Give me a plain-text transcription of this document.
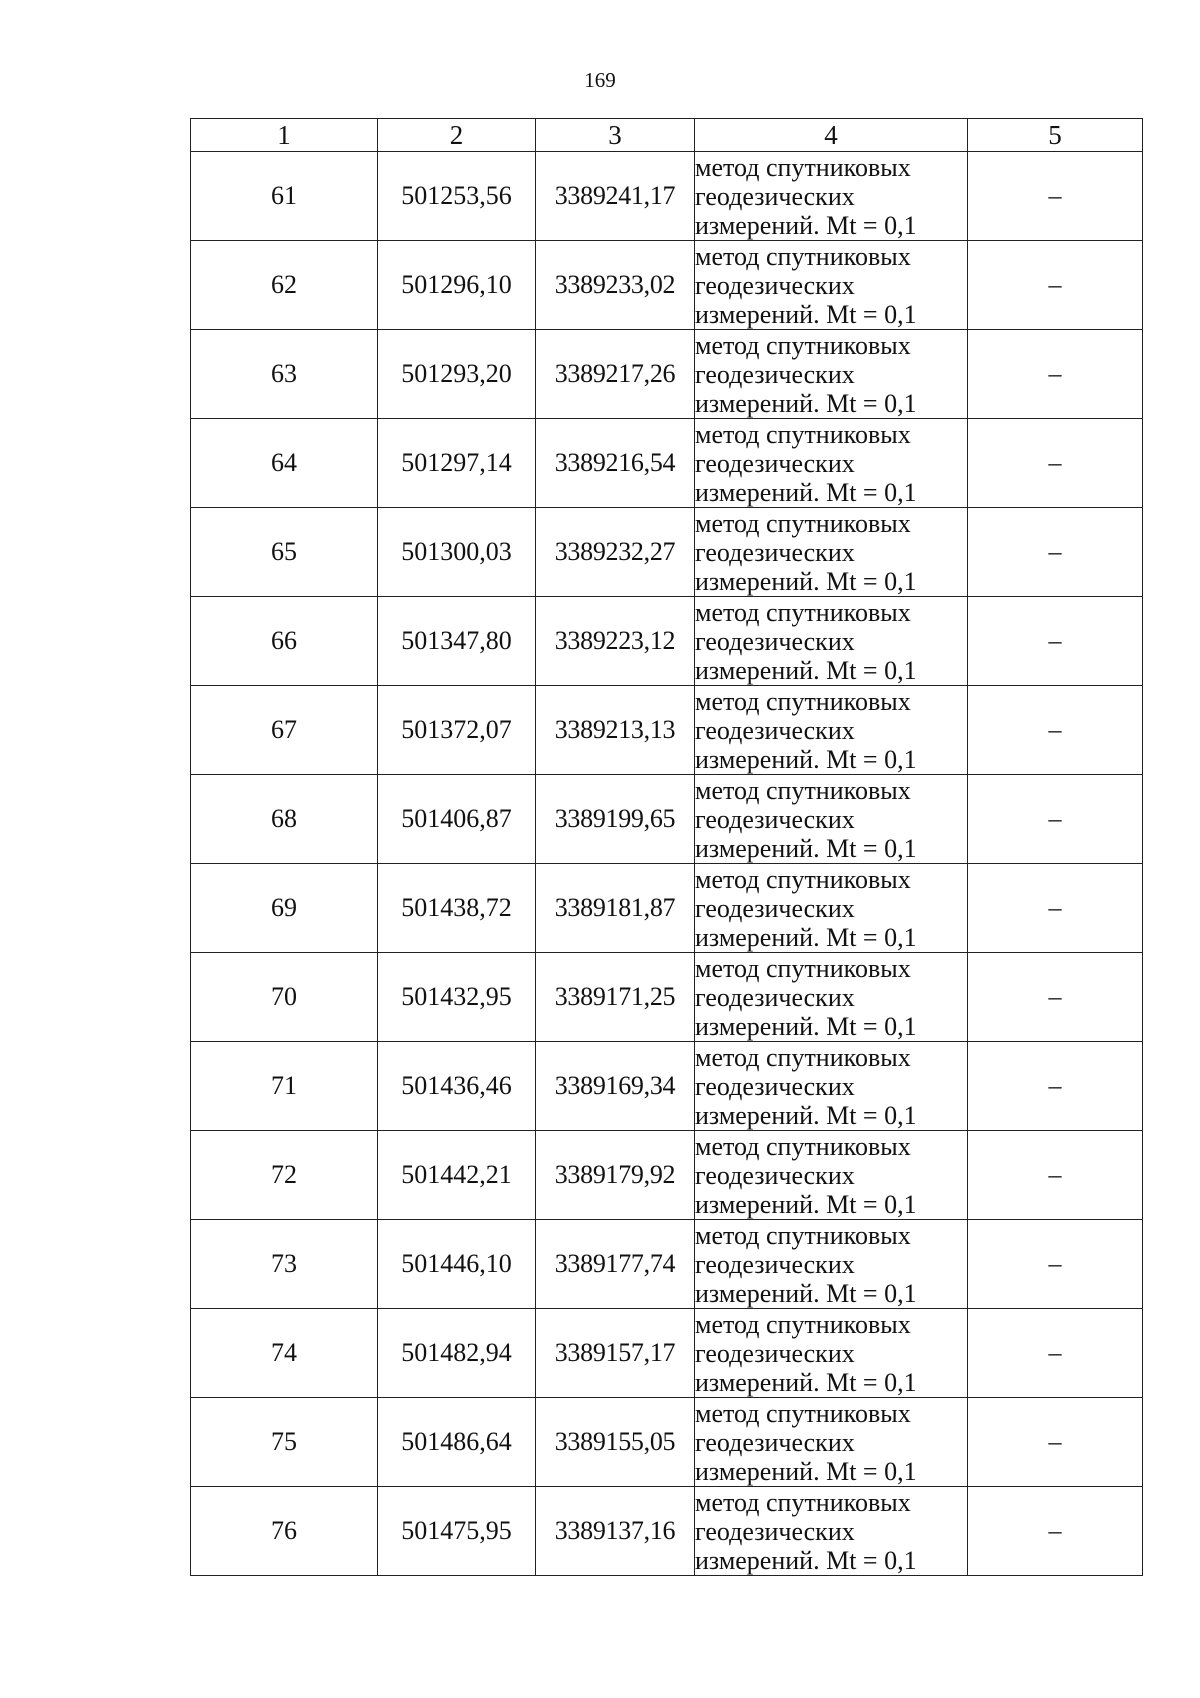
169
1	2	3	4	5
61	501253,56	3389241,17	метод спутниковых
геодезических
измерений. Mt = 0,1	–
62	501296,10	3389233,02	метод спутниковых
геодезических
измерений. Mt = 0,1	–
63	501293,20	3389217,26	метод спутниковых
геодезических
измерений. Mt = 0,1	–
64	501297,14	3389216,54	метод спутниковых
геодезических
измерений. Mt = 0,1	–
65	501300,03	3389232,27	метод спутниковых
геодезических
измерений. Mt = 0,1	–
66	501347,80	3389223,12	метод спутниковых
геодезических
измерений. Mt = 0,1	–
67	501372,07	3389213,13	метод спутниковых
геодезических
измерений. Mt = 0,1	–
68	501406,87	3389199,65	метод спутниковых
геодезических
измерений. Mt = 0,1	–
69	501438,72	3389181,87	метод спутниковых
геодезических
измерений. Mt = 0,1	–
70	501432,95	3389171,25	метод спутниковых
геодезических
измерений. Mt = 0,1	–
71	501436,46	3389169,34	метод спутниковых
геодезических
измерений. Mt = 0,1	–
72	501442,21	3389179,92	метод спутниковых
геодезических
измерений. Mt = 0,1	–
73	501446,10	3389177,74	метод спутниковых
геодезических
измерений. Mt = 0,1	–
74	501482,94	3389157,17	метод спутниковых
геодезических
измерений. Mt = 0,1	–
75	501486,64	3389155,05	метод спутниковых
геодезических
измерений. Mt = 0,1	–
76	501475,95	3389137,16	метод спутниковых
геодезических
измерений. Mt = 0,1	–
